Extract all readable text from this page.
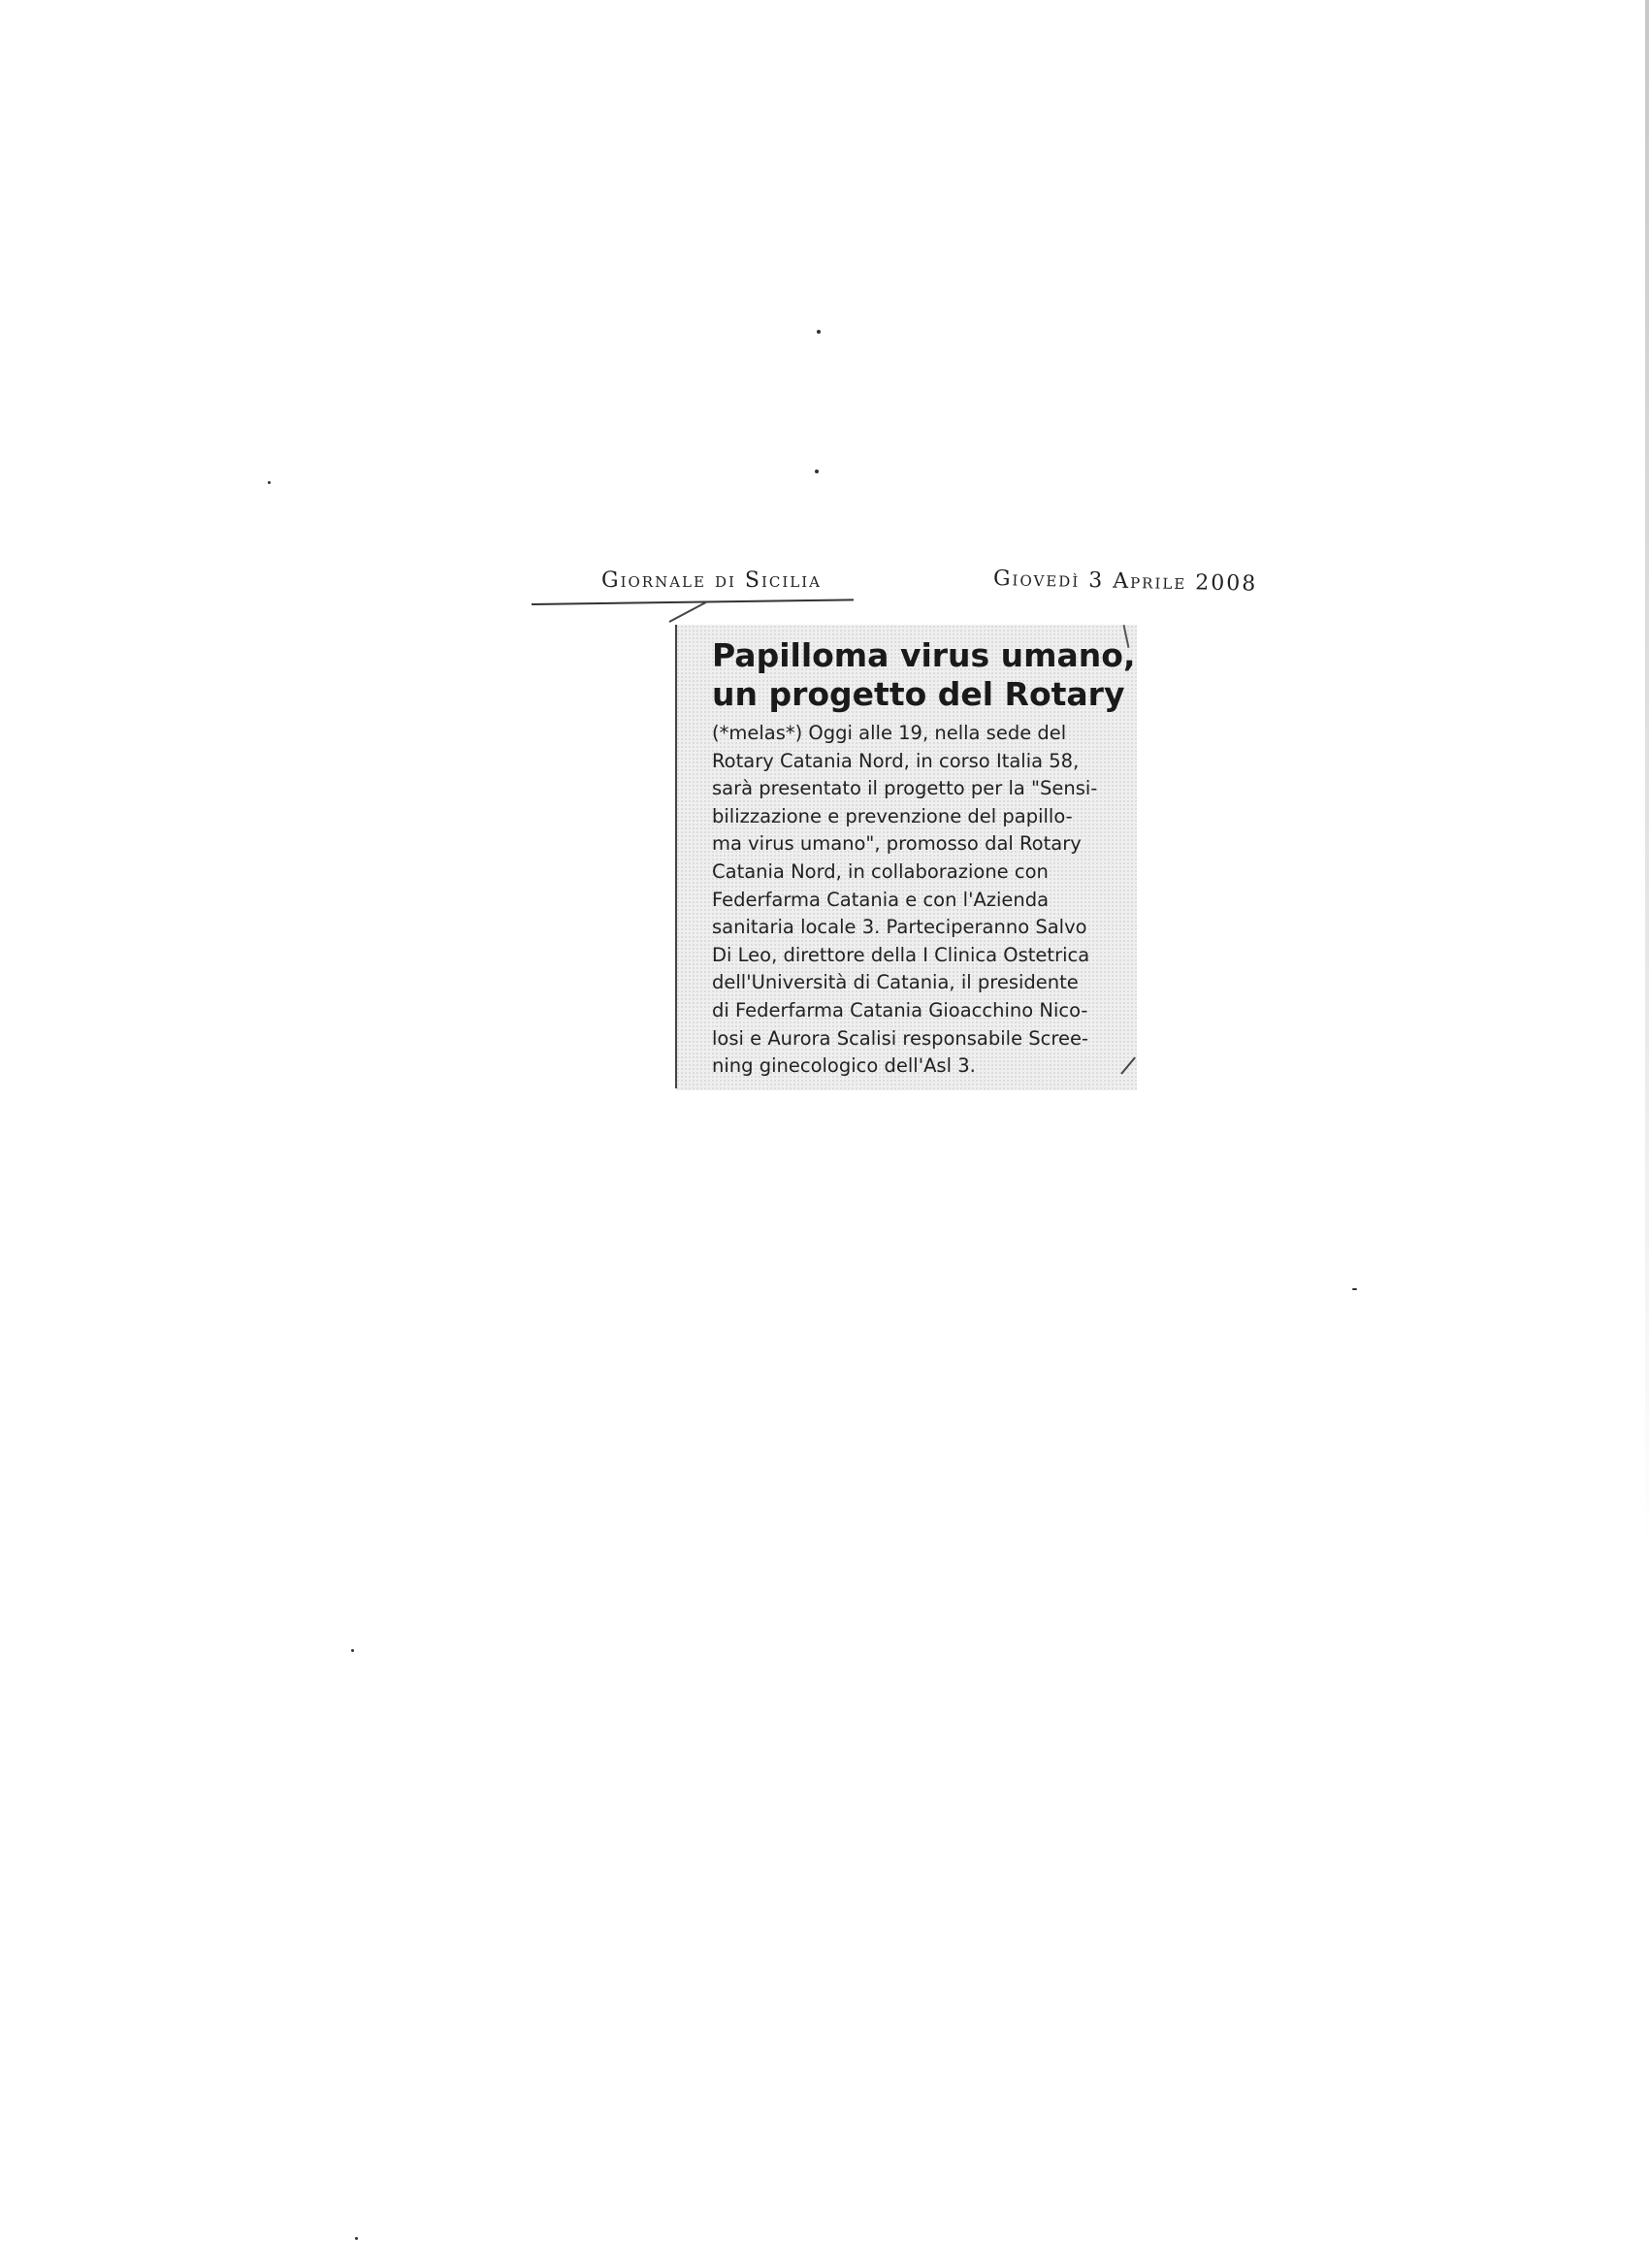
Giornale di Sicilia	Giovedì 3 Aprile 2008
Papilloma virus umano,
un progetto del Rotary
(*melas*) Oggi alle 19, nella sede del
Rotary Catania Nord, in corso Italia 58,
sarà presentato il progetto per la "Sensi-
bilizzazione e prevenzione del papillo-
ma virus umano", promosso dal Rotary
Catania Nord, in collaborazione con
Federfarma Catania e con l'Azienda
sanitaria locale 3. Parteciperanno Salvo
Di Leo, direttore della I Clinica Ostetrica
dell'Università di Catania, il presidente
di Federfarma Catania Gioacchino Nico-
losi e Aurora Scalisi responsabile Scree-
ning ginecologico dell'Asl 3.
